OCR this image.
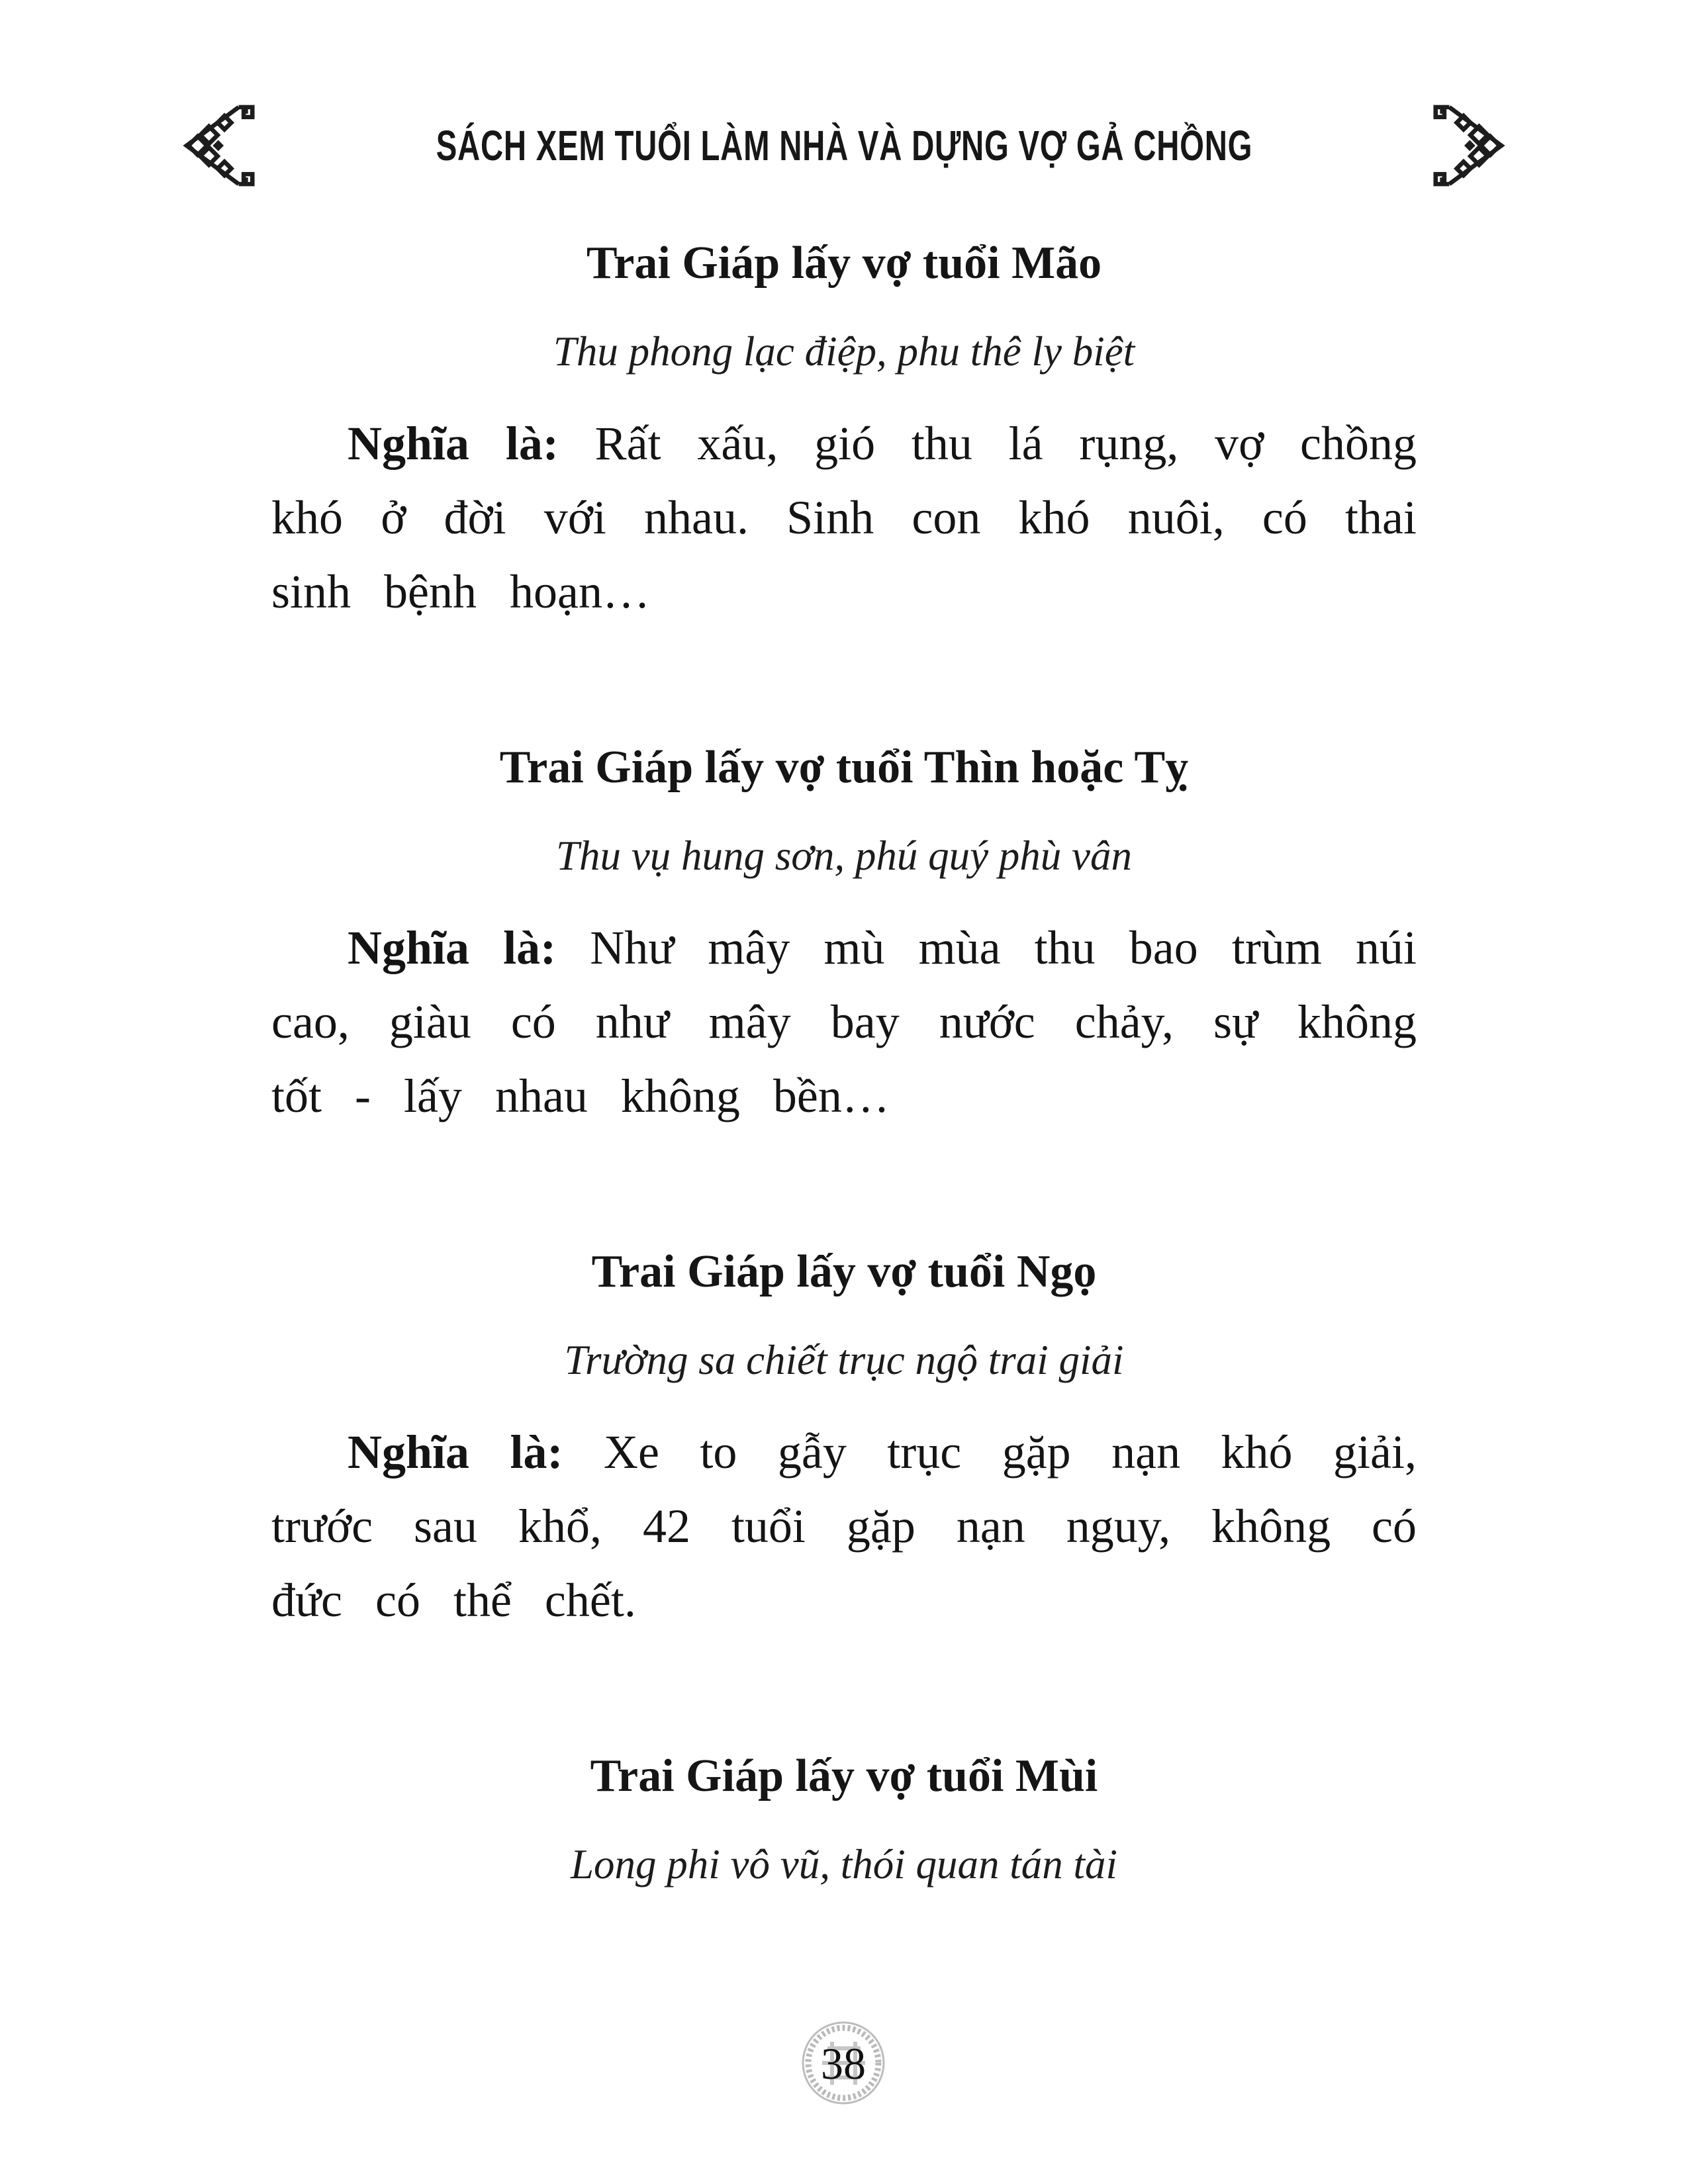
SÁCH XEM TUỔI LÀM NHÀ VÀ DỰNG VỢ GẢ CHỒNG
Trai Giáp lấy vợ tuổi Mão

Thu phong lạc điệp, phu thê ly biệt

Nghĩa là: Rất xấu, gió thu lá rụng, vợ chồng khó ở đời với nhau. Sinh con khó nuôi, có thai sinh bệnh hoạn…

Trai Giáp lấy vợ tuổi Thìn hoặc Tỵ

Thu vụ hung sơn, phú quý phù vân

Nghĩa là: Như mây mù mùa thu bao trùm núi cao, giàu có như mây bay nước chảy, sự không tốt - lấy nhau không bền…

Trai Giáp lấy vợ tuổi Ngọ

Trường sa chiết trục ngộ trai giải

Nghĩa là: Xe to gẫy trục gặp nạn khó giải, trước sau khổ, 42 tuổi gặp nạn nguy, không có đức có thể chết.

Trai Giáp lấy vợ tuổi Mùi

Long phi vô vũ, thói quan tán tài

38
